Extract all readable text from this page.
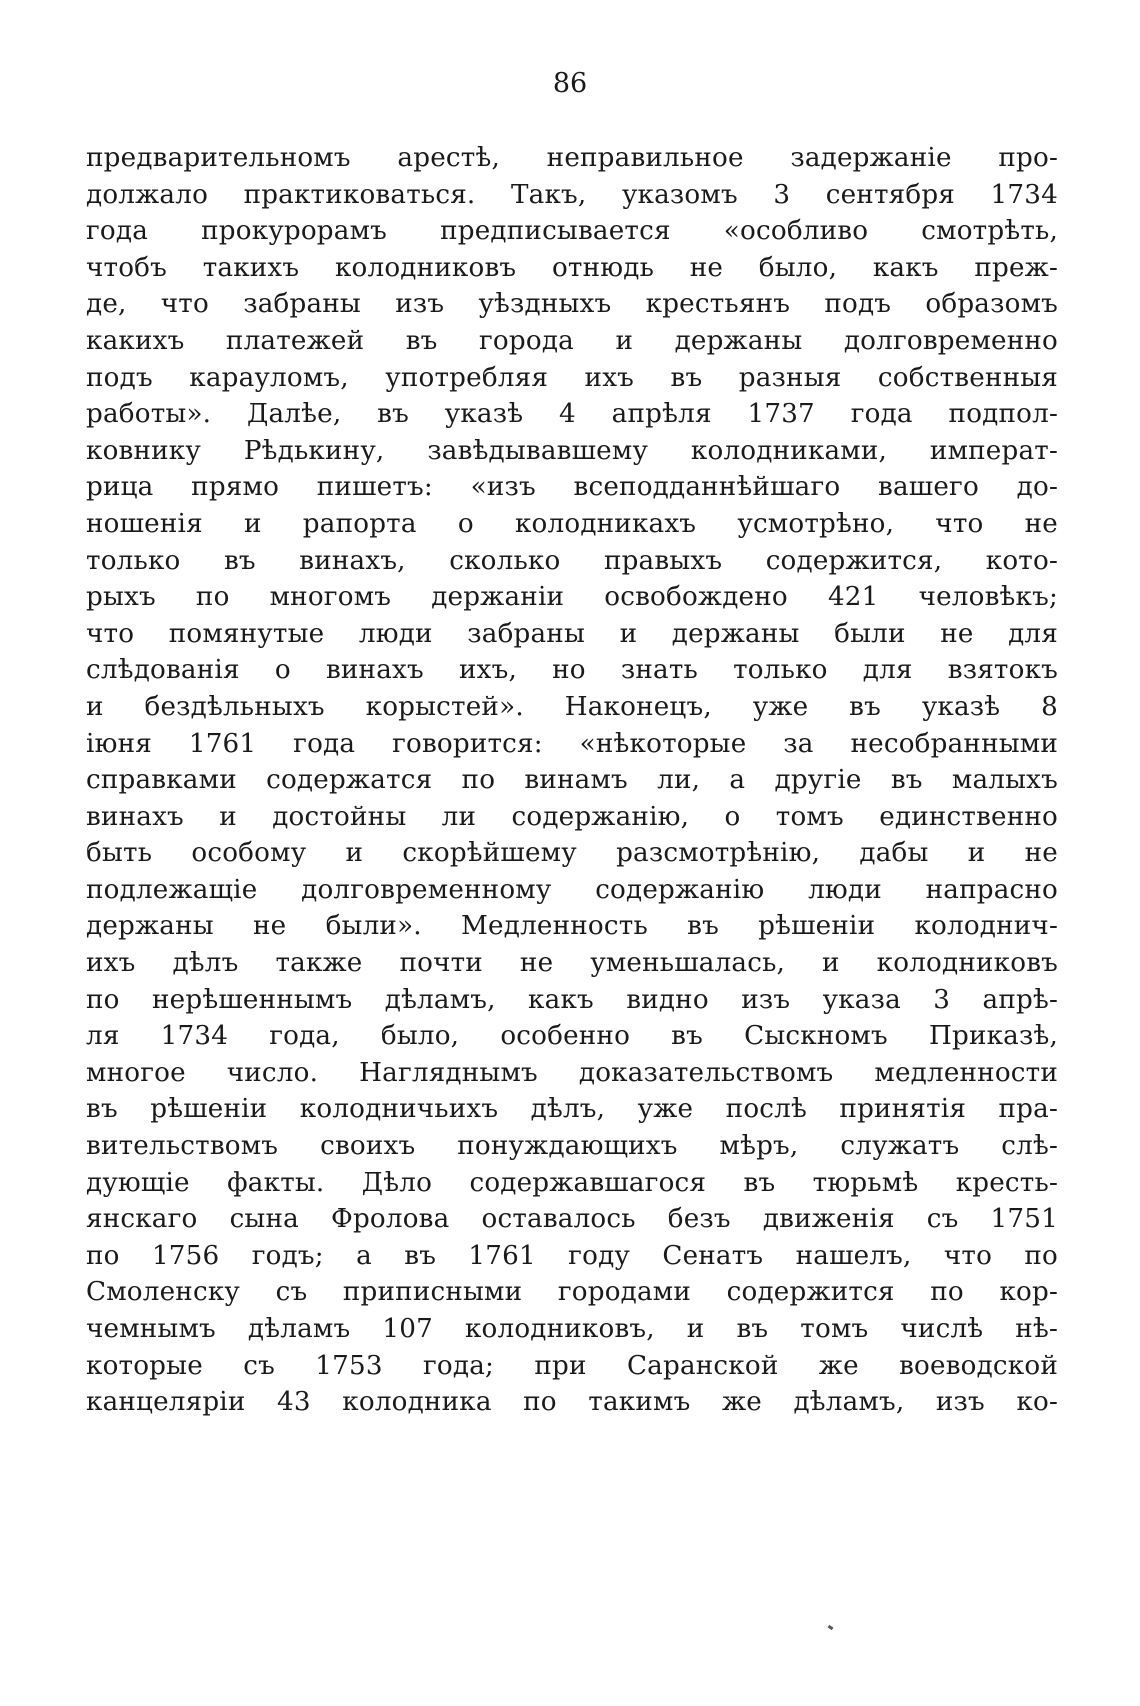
86
предварительномъ арестѣ, неправильное задержаніе про-
должало практиковаться. Такъ, указомъ 3 сентября 1734
года прокурорамъ предписывается «особливо смотрѣть,
чтобъ такихъ колодниковъ отнюдь не было, какъ преж-
де, что забраны изъ уѣздныхъ крестьянъ подъ образомъ
какихъ платежей въ города и держаны долговременно
подъ карауломъ, употребляя ихъ въ разныя собственныя
работы». Далѣе, въ указѣ 4 апрѣля 1737 года подпол-
ковнику Рѣдькину, завѣдывавшему колодниками, императ-
рица прямо пишетъ: «изъ всеподданнѣйшаго вашего до-
ношенія и рапорта о колодникахъ усмотрѣно, что не
только въ винахъ, сколько правыхъ содержится, кото-
рыхъ по многомъ держаніи освобождено 421 человѣкъ;
что помянутые люди забраны и держаны были не для
слѣдованія о винахъ ихъ, но знать только для взятокъ
и бездѣльныхъ корыстей». Наконецъ, уже въ указѣ 8
іюня 1761 года говорится: «нѣкоторые за несобранными
справками содержатся по винамъ ли, а другіе въ малыхъ
винахъ и достойны ли содержанію, о томъ единственно
быть особому и скорѣйшему разсмотрѣнію, дабы и не
подлежащіе долговременному содержанію люди напрасно
держаны не были». Медленность въ рѣшеніи колоднич-
ихъ дѣлъ также почти не уменьшалась, и колодниковъ
по нерѣшеннымъ дѣламъ, какъ видно изъ указа 3 апрѣ-
ля 1734 года, было, особенно въ Сыскномъ Приказѣ,
многое число. Нагляднымъ доказательствомъ медленности
въ рѣшеніи колодничьихъ дѣлъ, уже послѣ принятія пра-
вительствомъ своихъ понуждающихъ мѣръ, служатъ слѣ-
дующіе факты. Дѣло содержавшагося въ тюрьмѣ кресть-
янскаго сына Фролова оставалось безъ движенія съ 1751
по 1756 годъ; а въ 1761 году Сенатъ нашелъ, что по
Смоленску съ приписными городами содержится по кор-
чемнымъ дѣламъ 107 колодниковъ, и въ томъ числѣ нѣ-
которые съ 1753 года; при Саранской же воеводской
канцеляріи 43 колодника по такимъ же дѣламъ, изъ ко-
